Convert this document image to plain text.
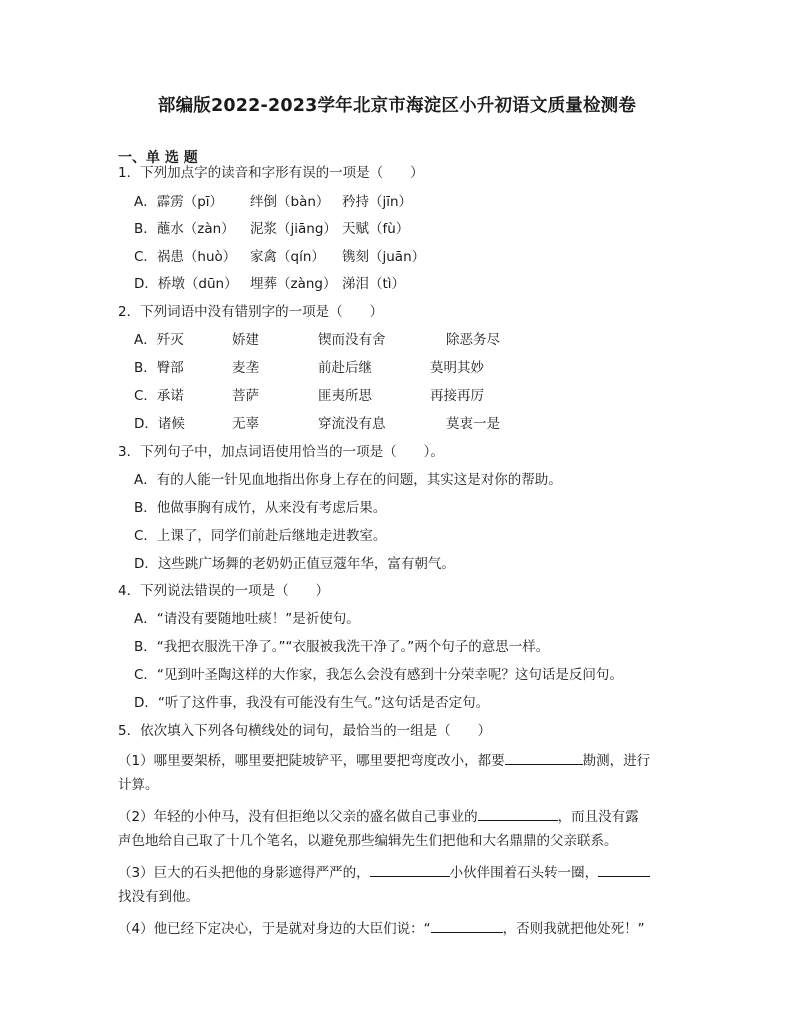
部编版2022-2023学年北京市海淀区小升初语文质量检测卷
一、单 选 题
1．下列加点字的读音和字形有误的一项是（　　）
A．霹雳（pī） 绊倒（bàn） 矜持（jīn）
B．蘸水（zàn） 泥浆（jiāng） 天赋（fù）
C．祸患（huò） 家禽（qín） 镌刻（juān）
D．桥墩（dūn） 埋葬（zàng） 涕泪（tì）
2．下列词语中没有错别字的一项是（　　）
A．歼灭	娇建	锲而没有舍	除恶务尽
B．臀部	麦垄	前赴后继	莫明其妙
C．承诺	菩萨	匪夷所思	再接再厉
D．诸候	无辜	穿流没有息	莫衷一是
3．下列句子中，加点词语使用恰当的一项是（　　）。
A．有的人能一针见血地指出你身上存在的问题，其实这是对你的帮助。
B．他做事胸有成竹，从来没有考虑后果。
C．上课了，同学们前赴后继地走进教室。
D．这些跳广场舞的老奶奶正值豆蔻年华，富有朝气。
4．下列说法错误的一项是（　　）
A．“请没有要随地吐痰！”是祈使句。
B．“我把衣服洗干净了。”“衣服被我洗干净了。”两个句子的意思一样。
C．“见到叶圣陶这样的大作家，我怎么会没有感到十分荣幸呢？这句话是反问句。
D．“听了这件事，我没有可能没有生气。”这句话是否定句。
5．依次填入下列各句横线处的词句，最恰当的一组是（　　）
（1）哪里要架桥，哪里要把陡坡铲平，哪里要把弯度改小，都要	勘测，进行
计算。
（2）年轻的小仲马，没有但拒绝以父亲的盛名做自己事业的	，而且没有露
声色地给自己取了十几个笔名，以避免那些编辑先生们把他和大名鼎鼎的父亲联系。
（3）巨大的石头把他的身影遮得严严的，	小伙伴围着石头转一圈，
找没有到他。
（4）他已经下定决心，于是就对身边的大臣们说：“	，否则我就把他处死！”
